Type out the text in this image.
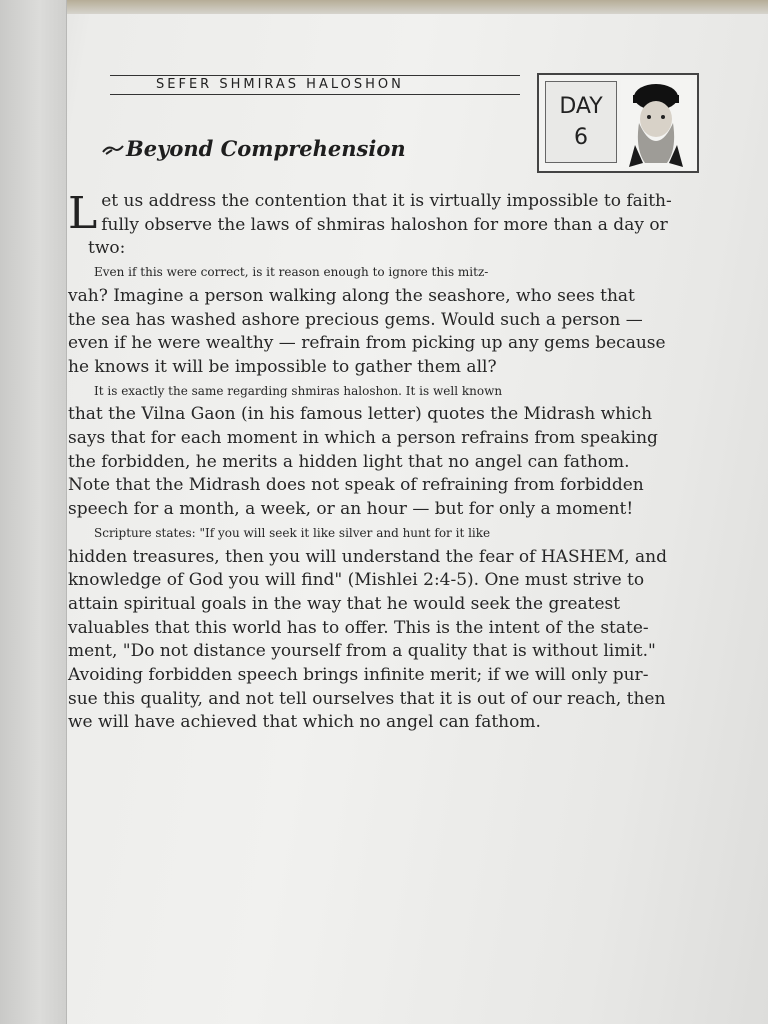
SEFER SHMIRAS HALOSHON
DAY
6
Beyond Comprehension
L et us address the contention that it is virtually impossible to faith-
fully observe the laws of shmiras haloshon for more than a day or
two:
Even if this were correct, is it reason enough to ignore this mitz-
vah? Imagine a person walking along the seashore, who sees that
the sea has washed ashore precious gems. Would such a person —
even if he were wealthy — refrain from picking up any gems because
he knows it will be impossible to gather them all?
It is exactly the same regarding shmiras haloshon. It is well known
that the Vilna Gaon (in his famous letter) quotes the Midrash which
says that for each moment in which a person refrains from speaking
the forbidden, he merits a hidden light that no angel can fathom.
Note that the Midrash does not speak of refraining from forbidden
speech for a month, a week, or an hour — but for only a moment!
Scripture states: "If you will seek it like silver and hunt for it like
hidden treasures, then you will understand the fear of HASHEM, and
knowledge of God you will find" (Mishlei 2:4-5). One must strive to
attain spiritual goals in the way that he would seek the greatest
valuables that this world has to offer. This is the intent of the state-
ment, "Do not distance yourself from a quality that is without limit."
Avoiding forbidden speech brings infinite merit; if we will only pur-
sue this quality, and not tell ourselves that it is out of our reach, then
we will have achieved that which no angel can fathom.
